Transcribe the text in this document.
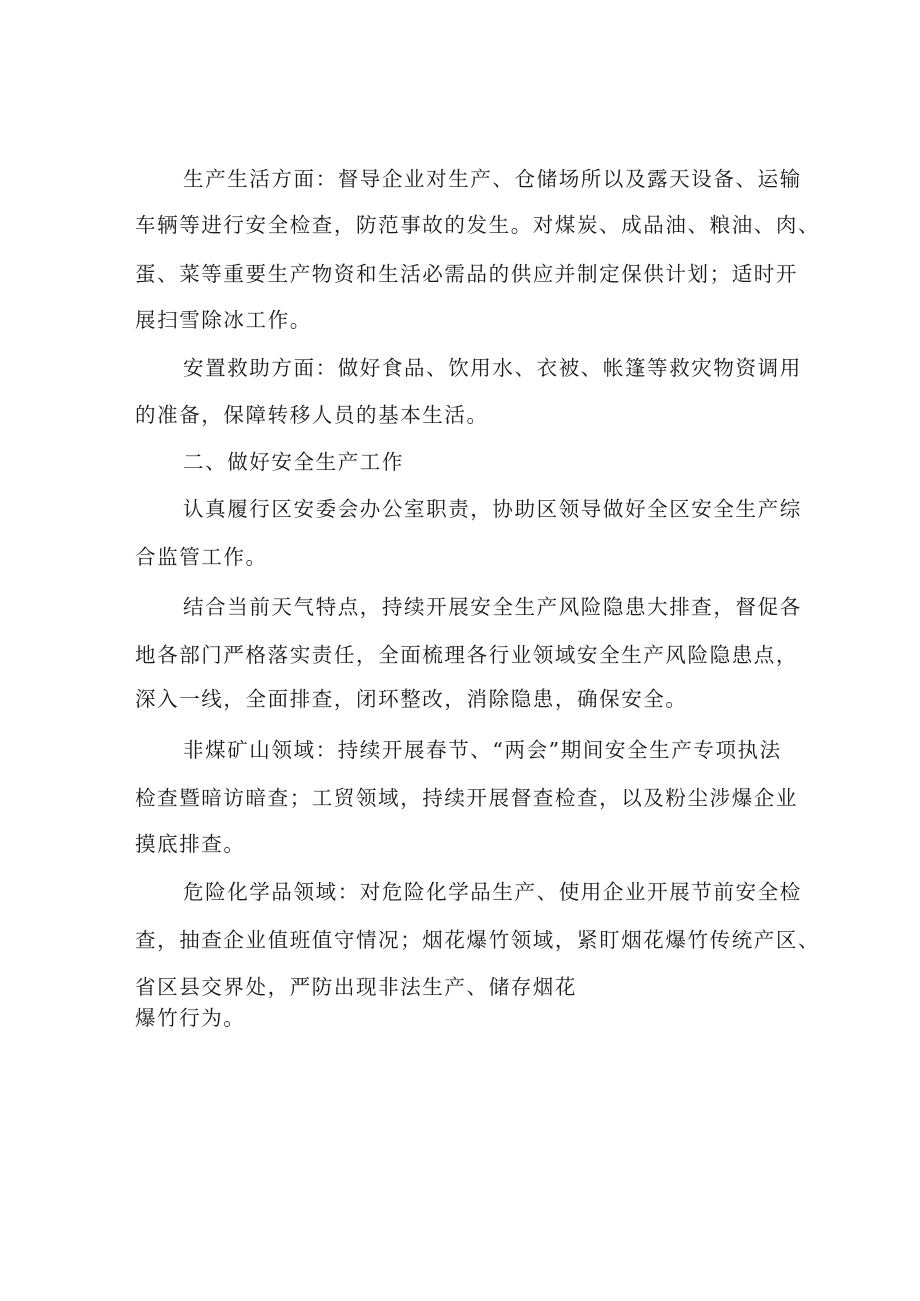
生产生活方面：督导企业对生产、仓储场所以及露天设备、运输
车辆等进行安全检查，防范事故的发生。对煤炭、成品油、粮油、肉、
蛋、菜等重要生产物资和生活必需品的供应并制定保供计划；适时开
展扫雪除冰工作。
安置救助方面：做好食品、饮用水、衣被、帐篷等救灾物资调用
的准备，保障转移人员的基本生活。
二、做好安全生产工作
认真履行区安委会办公室职责，协助区领导做好全区安全生产综
合监管工作。
结合当前天气特点，持续开展安全生产风险隐患大排查，督促各
地各部门严格落实责任，全面梳理各行业领域安全生产风险隐患点，
深入一线，全面排查，闭环整改，消除隐患，确保安全。
非煤矿山领域：持续开展春节、“两会”期间安全生产专项执法
检查暨暗访暗查；工贸领域，持续开展督查检查，以及粉尘涉爆企业
摸底排查。
危险化学品领域：对危险化学品生产、使用企业开展节前安全检
查，抽查企业值班值守情况；烟花爆竹领域，紧盯烟花爆竹传统产区、
省区县交界处，严防出现非法生产、储存烟花
爆竹行为。
